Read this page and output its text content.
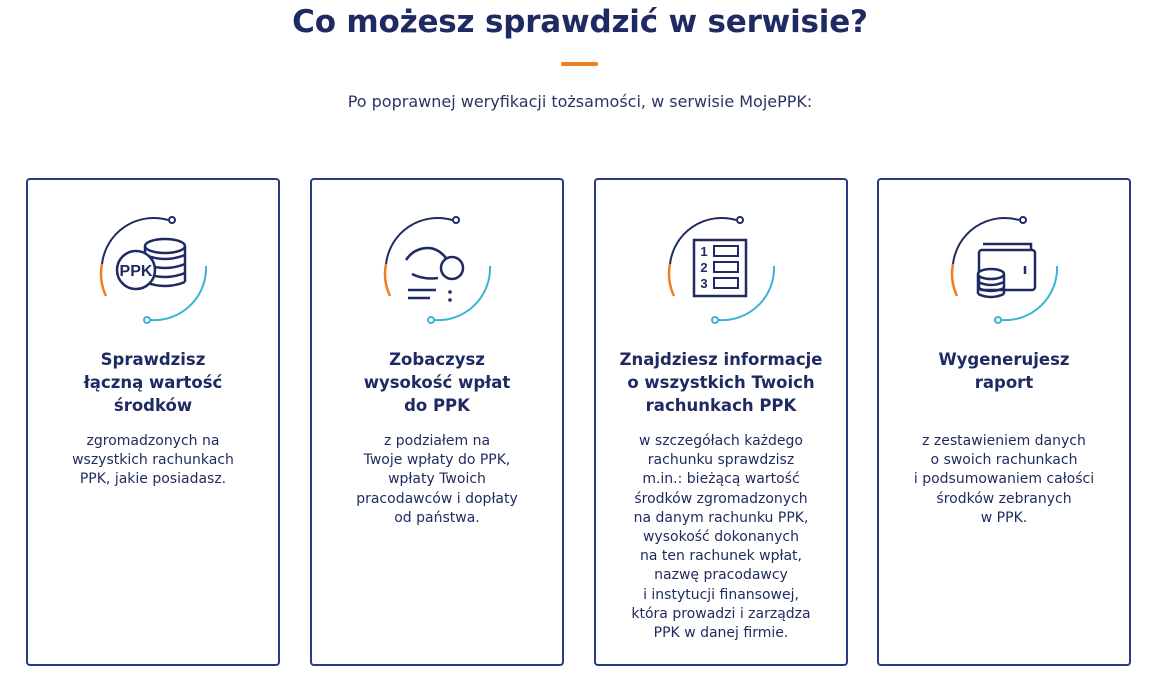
Co możesz sprawdzić w serwisie?
Po poprawnej weryfikacji tożsamości, w serwisie MojePPK:
PPK
Sprawdzisz
łączną wartość
środków
zgromadzonych na
wszystkich rachunkach
PPK, jakie posiadasz.
Zobaczysz
wysokość wpłat
do PPK
z podziałem na
Twoje wpłaty do PPK,
wpłaty Twoich
pracodawców i dopłaty
od państwa.
1
2
3
Znajdziesz informacje
o wszystkich Twoich
rachunkach PPK
w szczegółach każdego
rachunku sprawdzisz
m.in.: bieżącą wartość
środków zgromadzonych
na danym rachunku PPK,
wysokość dokonanych
na ten rachunek wpłat,
nazwę pracodawcy
i instytucji finansowej,
która prowadzi i zarządza
PPK w danej firmie.
Wygenerujesz
raport
z zestawieniem danych
o swoich rachunkach
i podsumowaniem całości
środków zebranych
w PPK.
